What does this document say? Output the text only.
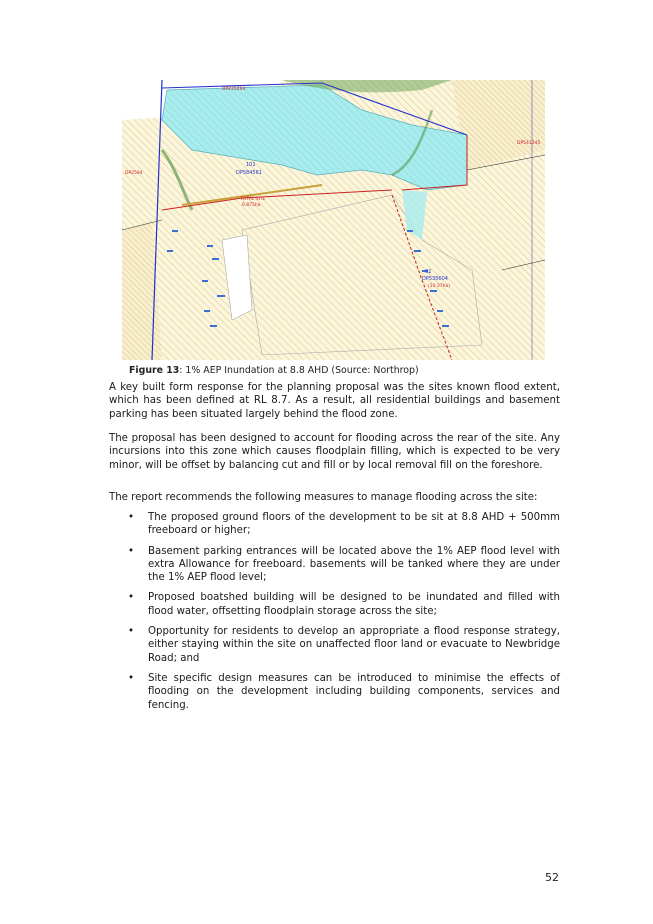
DP235294
DP541245
DP2594
101
DP584561
TOTAL SITE
6.875ha
32
DP535604
(10.37ha)
Figure 13: 1% AEP Inundation at 8.8 AHD (Source: Northrop)

A key built form response for the planning proposal was the sites known flood extent, which has been defined at RL 8.7. As a result, all residential buildings and basement parking has been situated largely behind the flood zone.

The proposal has been designed to account for flooding across the rear of the site. Any incursions into this zone which causes floodplain filling, which is expected to be very minor, will be offset by balancing cut and fill or by local removal fill on the foreshore.

The report recommends the following measures to manage flooding across the site:

• The proposed ground floors of the development to be sit at 8.8 AHD + 500mm freeboard or higher;
• Basement parking entrances will be located above the 1% AEP flood level with extra Allowance for freeboard. basements will be tanked where they are under the 1% AEP flood level;
• Proposed boatshed building will be designed to be inundated and filled with flood water, offsetting floodplain storage across the site;
• Opportunity for residents to develop an appropriate a flood response strategy, either staying within the site on unaffected floor land or evacuate to Newbridge Road; and
• Site specific design measures can be introduced to minimise the effects of flooding on the development including building components, services and fencing.
52
